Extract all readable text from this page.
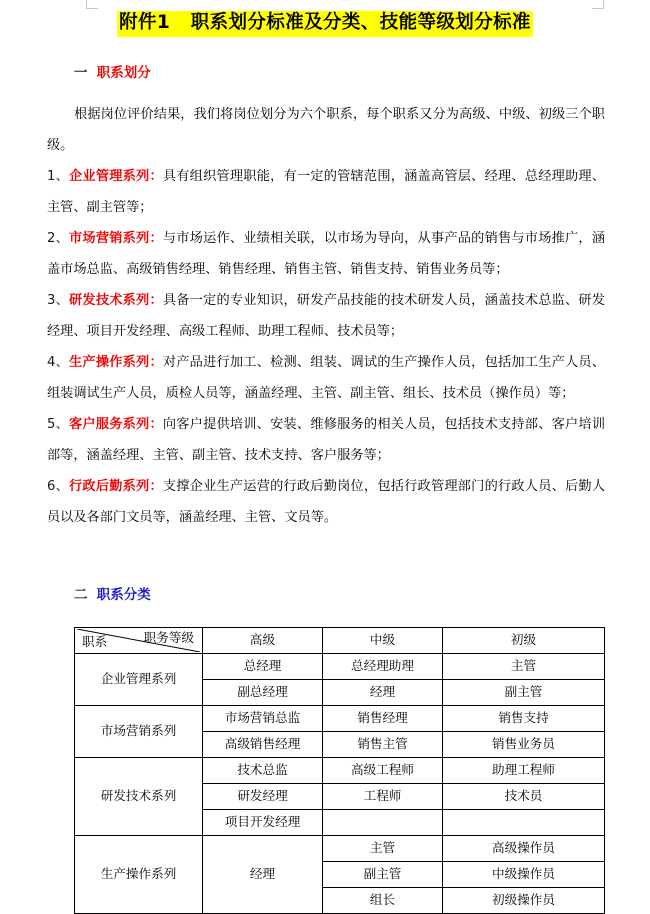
附件1   职系划分标准及分类、技能等级划分标准

一 职系划分

根据岗位评价结果，我们将岗位划分为六个职系，每个职系又分为高级、中级、初级三个职级。

1、企业管理系列：具有组织管理职能，有一定的管辖范围，涵盖高管层、经理、总经理助理、主管、副主管等；
2、市场营销系列：与市场运作、业绩相关联，以市场为导向，从事产品的销售与市场推广，涵盖市场总监、高级销售经理、销售经理、销售主管、销售支持、销售业务员等；
3、研发技术系列：具备一定的专业知识，研发产品技能的技术研发人员，涵盖技术总监、研发经理、项目开发经理、高级工程师、助理工程师、技术员等；
4、生产操作系列：对产品进行加工、检测、组装、调试的生产操作人员，包括加工生产人员、组装调试生产人员，质检人员等，涵盖经理、主管、副主管、组长、技术员（操作员）等；
5、客户服务系列：向客户提供培训、安装、维修服务的相关人员，包括技术支持部、客户培训部等，涵盖经理、主管、副主管、技术支持、客户服务等；
6、行政后勤系列：支撑企业生产运营的行政后勤岗位，包括行政管理部门的行政人员、后勤人员以及各部门文员等，涵盖经理、主管、文员等。

二 职系分类

职务等级
职系	高级	中级	初级
企业管理系列	总经理	总经理助理	主管
	副总经理	经理	副主管
市场营销系列	市场营销总监	销售经理	销售支持
	高级销售经理	销售主管	销售业务员
研发技术系列	技术总监	高级工程师	助理工程师
	研发经理	工程师	技术员
	项目开发经理		
生产操作系列	经理	主管	高级操作员
		副主管	中级操作员
		组长	初级操作员
